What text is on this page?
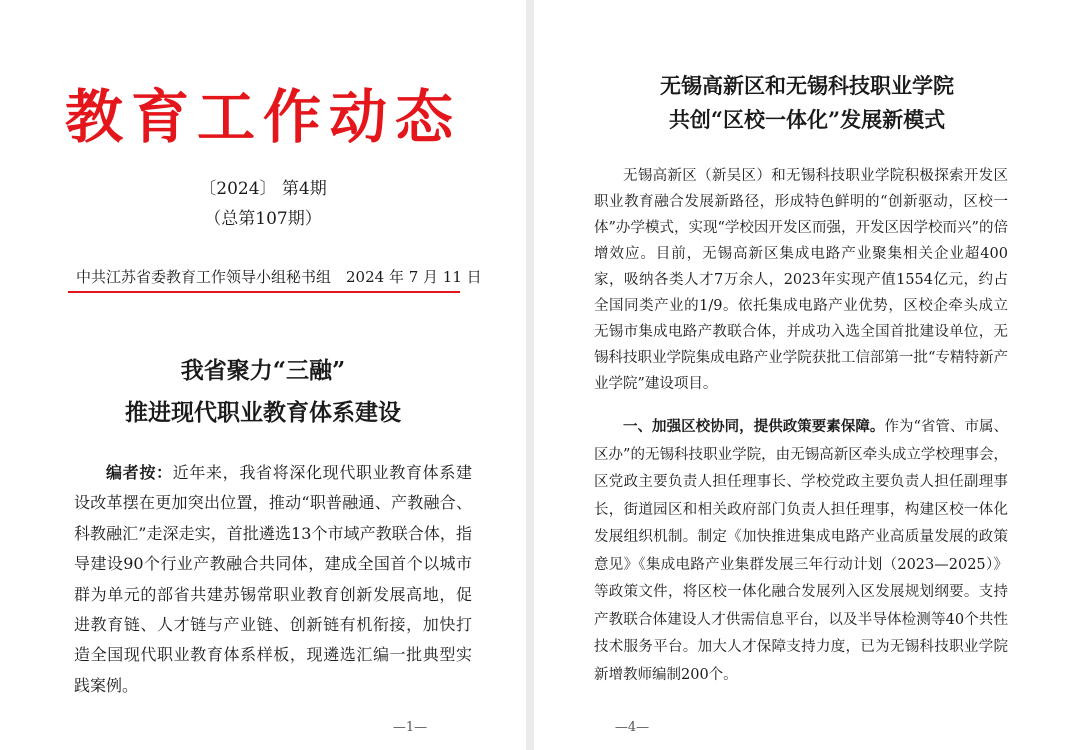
教育工作动态
〔2024〕 第4期
（总第107期）
中共江苏省委教育工作领导小组秘书组 2024 年 7 月 11 日
我省聚力“三融”
推进现代职业教育体系建设
编者按：近年来，我省将深化现代职业教育体系建设改革摆在更加突出位置，推动“职普融通、产教融合、科教融汇”走深走实，首批遴选13个市域产教联合体，指导建设90个行业产教融合共同体，建成全国首个以城市群为单元的部省共建苏锡常职业教育创新发展高地，促进教育链、人才链与产业链、创新链有机衔接，加快打造全国现代职业教育体系样板，现遴选汇编一批典型实践案例。
—1—
无锡高新区和无锡科技职业学院
共创“区校一体化”发展新模式
无锡高新区（新吴区）和无锡科技职业学院积极探索开发区职业教育融合发展新路径，形成特色鲜明的“创新驱动，区校一体”办学模式，实现“学校因开发区而强，开发区因学校而兴”的倍增效应。目前，无锡高新区集成电路产业聚集相关企业超400家，吸纳各类人才7万余人，2023年实现产值1554亿元，约占全国同类产业的1/9。依托集成电路产业优势，区校企牵头成立无锡市集成电路产教联合体，并成功入选全国首批建设单位，无锡科技职业学院集成电路产业学院获批工信部第一批“专精特新产业学院”建设项目。
一、加强区校协同，提供政策要素保障。作为“省管、市属、区办”的无锡科技职业学院，由无锡高新区牵头成立学校理事会，区党政主要负责人担任理事长、学校党政主要负责人担任副理事长，街道园区和相关政府部门负责人担任理事，构建区校一体化发展组织机制。制定《加快推进集成电路产业高质量发展的政策意见》《集成电路产业集群发展三年行动计划（2023—2025）》等政策文件，将区校一体化融合发展列入区发展规划纲要。支持产教联合体建设人才供需信息平台，以及半导体检测等40个共性技术服务平台。加大人才保障支持力度，已为无锡科技职业学院新增教师编制200个。
—4—
